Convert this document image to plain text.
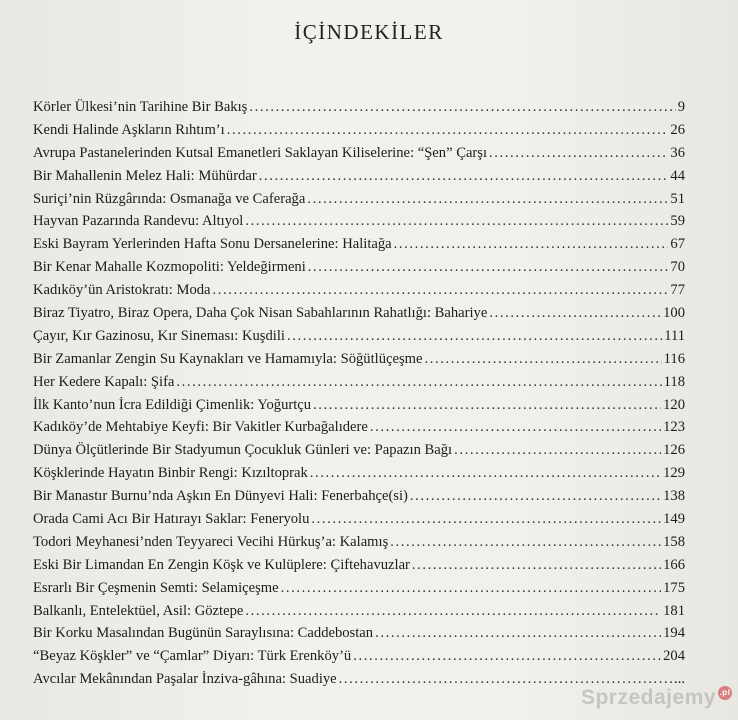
İÇİNDEKİLER
Körler Ülkesi’nin Tarihine Bir Bakış .....	9
Kendi Halinde Aşkların Rıhtım’ı .....	26
Avrupa Pastanelerinden Kutsal Emanetleri Saklayan Kiliselerine: “Şen” Çarşı .....	36
Bir Mahallenin Melez Hali: Mühürdar .....	44
Suriçi’nin Rüzgârında: Osmanağa ve Caferağa .....	51
Hayvan Pazarında Randevu: Altıyol .....	59
Eski Bayram Yerlerinden Hafta Sonu Dersanelerine: Halitağa .....	67
Bir Kenar Mahalle Kozmopoliti: Yeldeğirmeni .....	70
Kadıköy’ün Aristokratı: Moda .....	77
Biraz Tiyatro, Biraz Opera, Daha Çok Nisan Sabahlarının Rahatlığı: Bahariye .....	100
Çayır, Kır Gazinosu, Kır Sineması: Kuşdili .....	111
Bir Zamanlar Zengin Su Kaynakları ve Hamamıyla: Söğütlüçeşme .....	116
Her Kedere Kapalı: Şifa .....	118
İlk Kanto’nun İcra Edildiği Çimenlik: Yoğurtçu .....	120
Kadıköy’de Mehtabiye Keyfi: Bir Vakitler Kurbağalıdere .....	123
Dünya Ölçütlerinde Bir Stadyumun Çocukluk Günleri ve: Papazın Bağı .....	126
Köşklerinde Hayatın Binbir Rengi: Kızıltoprak .....	129
Bir Manastır Burnu’nda Aşkın En Dünyevi Hali: Fenerbahçe(si) .....	138
Orada Cami Acı Bir Hatırayı Saklar: Feneryolu .....	149
Todori Meyhanesi’nden Teyyareci Vecihi Hürkuş’a: Kalamış .....	158
Eski Bir Limandan En Zengin Köşk ve Kulüplere: Çiftehavuzlar .....	166
Esrarlı Bir Çeşmenin Semti: Selamiçeşme .....	175
Balkanlı, Entelektüel, Asil: Göztepe .....	181
Bir Korku Masalından Bugünün Saraylısına: Caddebostan .....	194
“Beyaz Köşkler” ve “Çamlar” Diyarı: Türk Erenköy’ü .....	204
Avcılar Mekânından Paşalar İnziva-gâhına: Suadiye .....	...
Sprzedajemy .pl
